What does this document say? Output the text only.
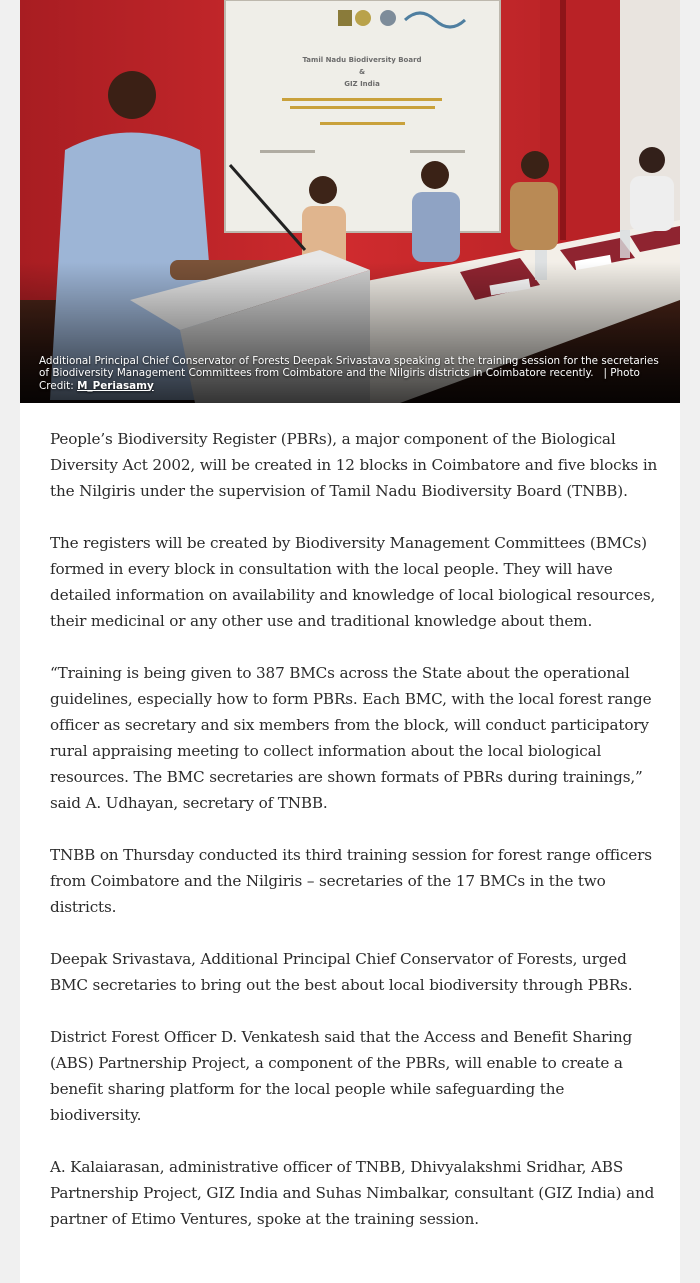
Additional Principal Chief Conservator of Forests Deepak Srivastava speaking at the training session for the secretaries of Biodiversity Management Committees from Coimbatore and the Nilgiris districts in Coimbatore recently. | Photo Credit: M_Periasamy

People’s Biodiversity Register (PBRs), a major component of the Biological Diversity Act 2002, will be created in 12 blocks in Coimbatore and five blocks in the Nilgiris under the supervision of Tamil Nadu Biodiversity Board (TNBB).

The registers will be created by Biodiversity Management Committees (BMCs) formed in every block in consultation with the local people. They will have detailed information on availability and knowledge of local biological resources, their medicinal or any other use and traditional knowledge about them.

“Training is being given to 387 BMCs across the State about the operational guidelines, especially how to form PBRs. Each BMC, with the local forest range officer as secretary and six members from the block, will conduct participatory rural appraising meeting to collect information about the local biological resources. The BMC secretaries are shown formats of PBRs during trainings,” said A. Udhayan, secretary of TNBB.

TNBB on Thursday conducted its third training session for forest range officers from Coimbatore and the Nilgiris – secretaries of the 17 BMCs in the two districts.

Deepak Srivastava, Additional Principal Chief Conservator of Forests, urged BMC secretaries to bring out the best about local biodiversity through PBRs.

District Forest Officer D. Venkatesh said that the Access and Benefit Sharing (ABS) Partnership Project, a component of the PBRs, will enable to create a benefit sharing platform for the local people while safeguarding the biodiversity.

A. Kalaiarasan, administrative officer of TNBB, Dhivyalakshmi Sridhar, ABS Partnership Project, GIZ India and Suhas Nimbalkar, consultant (GIZ India) and partner of Etimo Ventures, spoke at the training session.
